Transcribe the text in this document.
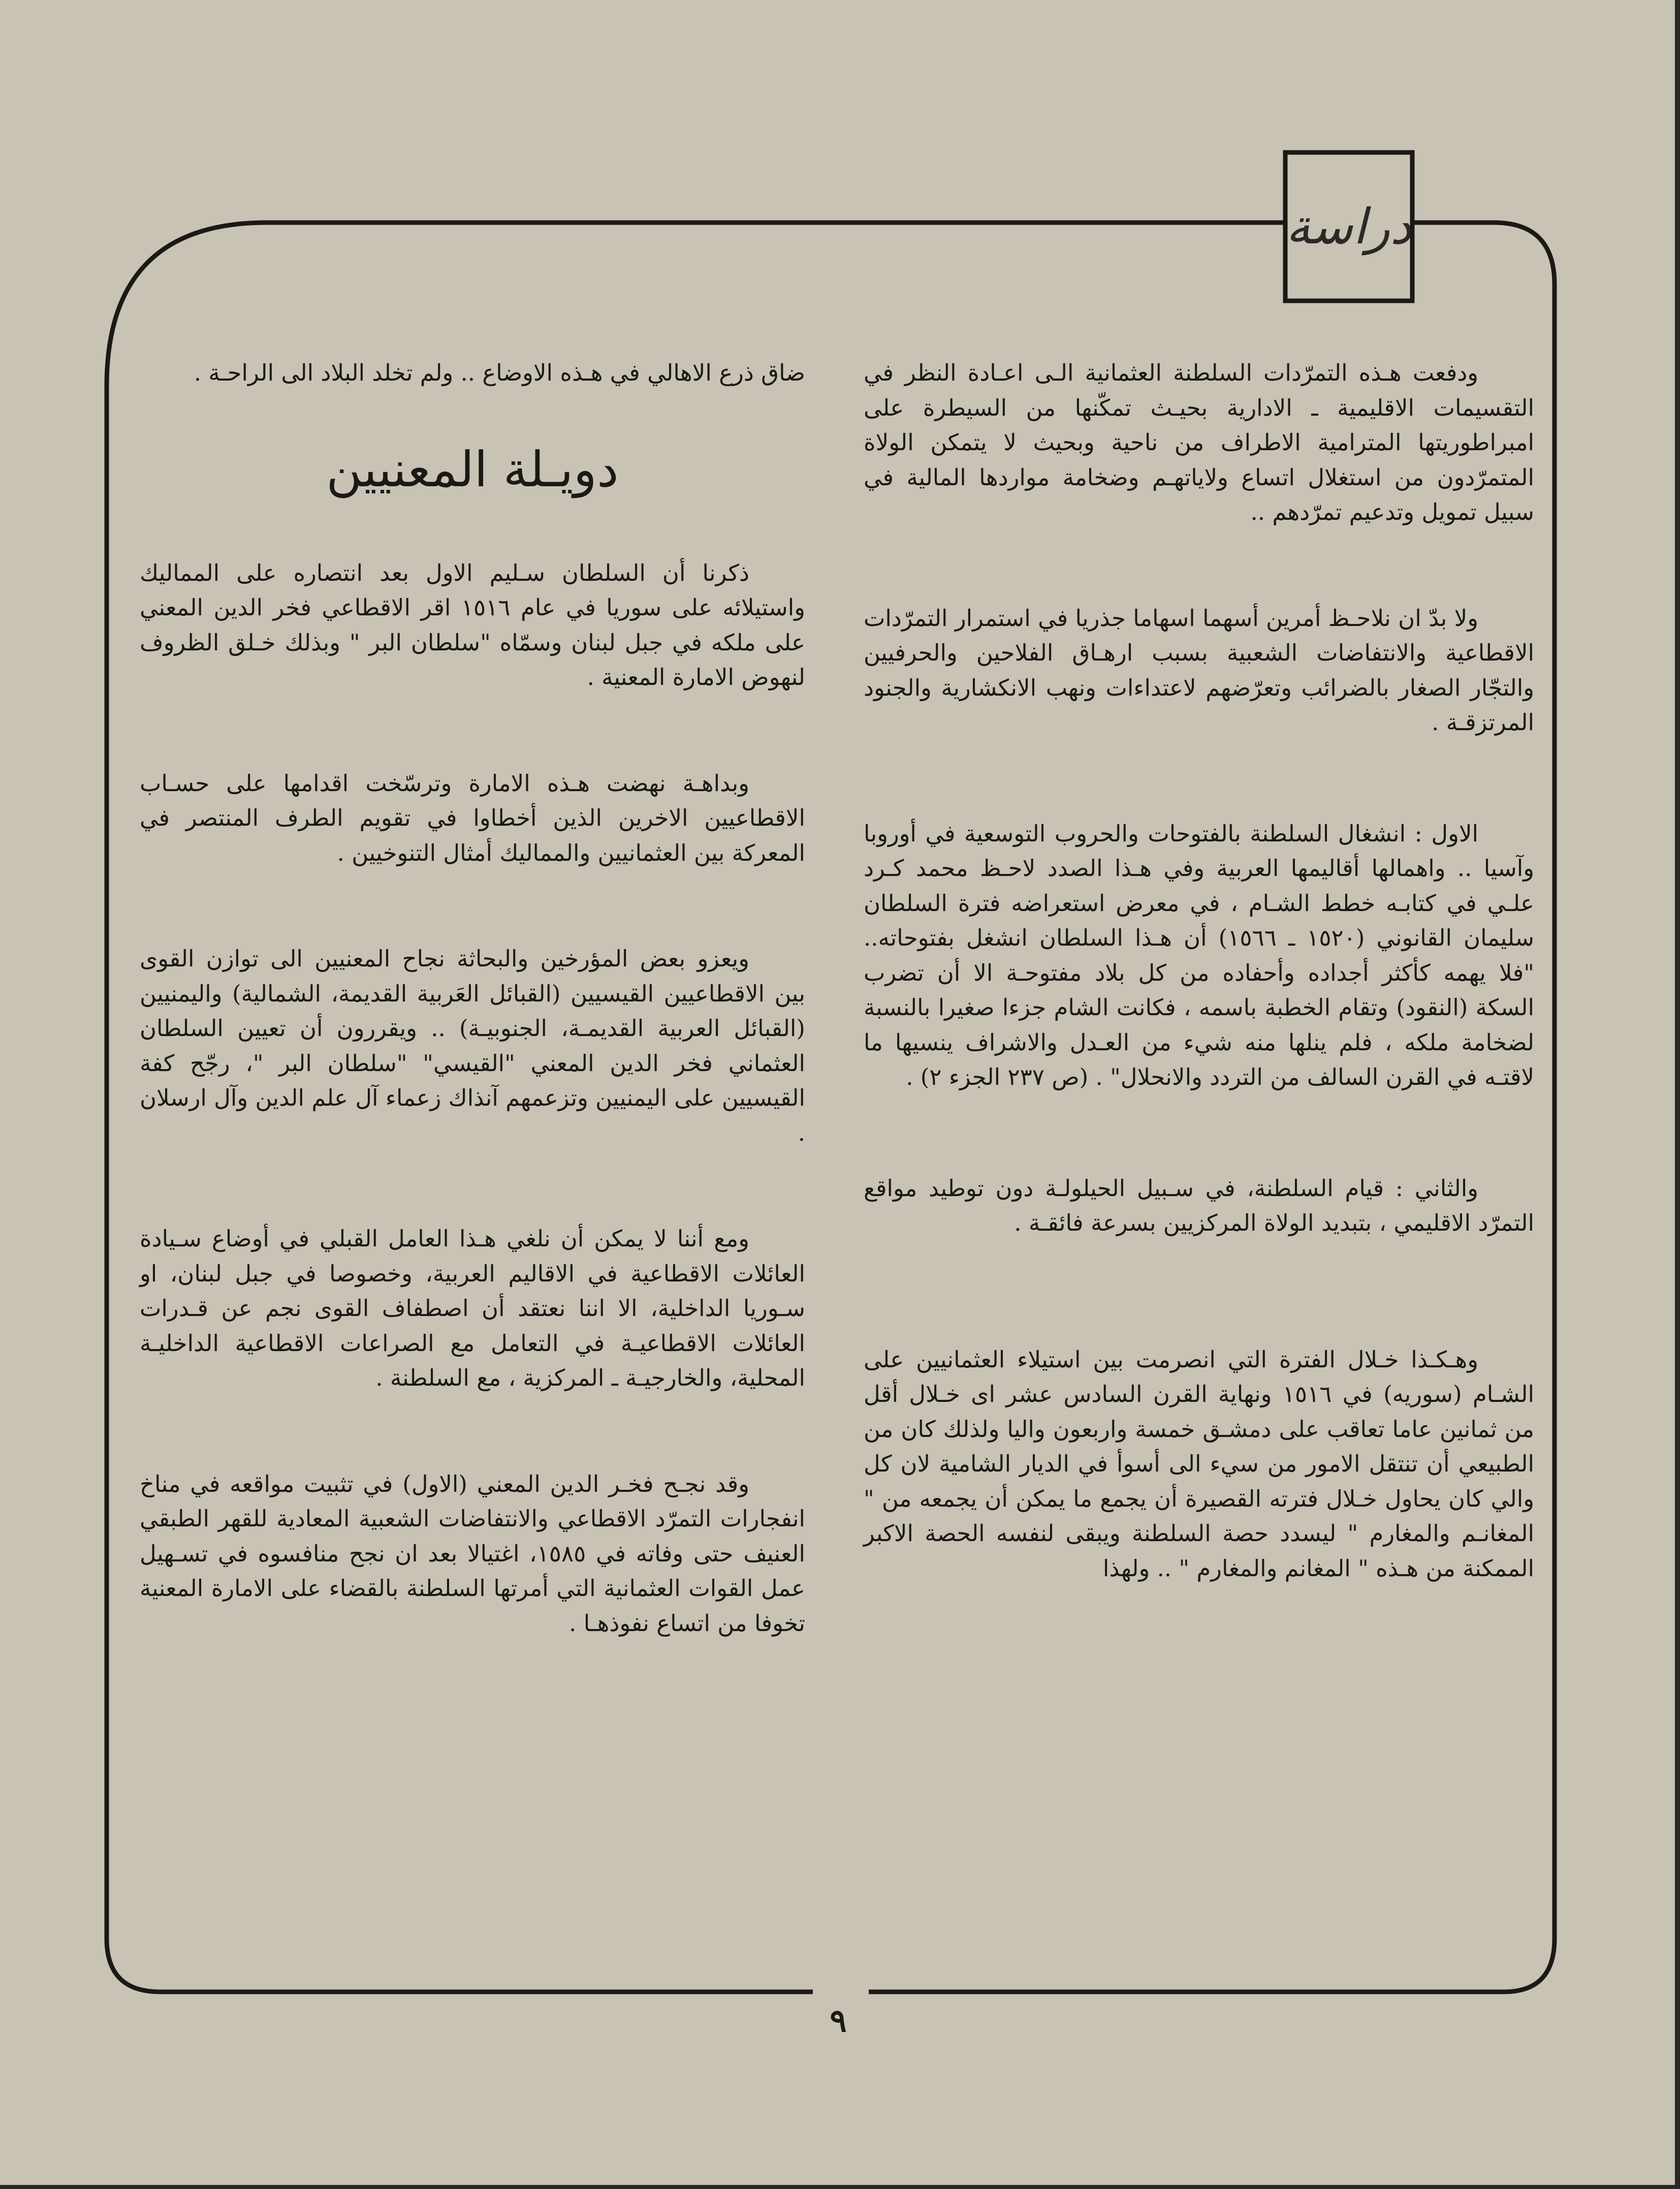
دراسة

ودفعت هـذه التمرّدات السلطنة العثمانية الـى اعـادة النظر في التقسيمات الاقليمية ـ الادارية بحيـث تمكّنها من السيطرة على امبراطوريتها المترامية الاطراف من ناحية وبحيث لا يتمكن الولاة المتمرّدون من استغلال اتساع ولاياتهـم وضخامة مواردها المالية في سبيل تمويل وتدعيم تمرّدهم ..

ولا بدّ ان نلاحـظ أمرين أسهما اسهاما جذريا في استمرار التمرّدات الاقطاعية والانتفاضات الشعبية بسبب ارهـاق الفلاحين والحرفيين والتجّار الصغار بالضرائب وتعرّضهم لاعتداءات ونهب الانكشارية والجنود المرتزقـة .

الاول : انشغال السلطنة بالفتوحات والحروب التوسعية في أوروبا وآسيا .. واهمالها أقاليمها العربية وفي هـذا الصدد لاحـظ محمد كـرد علـي في كتابـه خطط الشـام ، في معرض استعراضه فترة السلطان سليمان القانوني (١٥٢٠ ـ ١٥٦٦) أن هـذا السلطان انشغل بفتوحاته.. "فلا يهمه كأكثر أجداده وأحفاده من كل بلاد مفتوحـة الا أن تضرب السكة (النقود) وتقام الخطبة باسمه ، فكانت الشام جزءا صغيرا بالنسبة لضخامة ملكه ، فلم ينلها منه شيء من العـدل والاشراف ينسيها ما لاقتـه في القرن السالف من التردد والانحلال" . (ص ٢٣٧ الجزء ٢) .

والثاني : قيام السلطنة، في سـبيل الحيلولـة دون توطيد مواقع التمرّد الاقليمي ، بتبديد الولاة المركزيين بسرعة فائقـة .

وهـكـذا خـلال الفترة التي انصرمت بين استيلاء العثمانيين على الشـام (سوريه) في ١٥١٦ ونهاية القرن السادس عشر اى خـلال أقل من ثمانين عاما تعاقب على دمشـق خمسة واربعون واليا ولذلك كان من الطبيعي أن تنتقل الامور من سيء الى أسوأ في الديار الشامية لان كل والي كان يحاول خـلال فترته القصيرة أن يجمع ما يمكن أن يجمعه من " المغانـم والمغارم " ليسدد حصة السلطنة ويبقى لنفسه الحصة الاكبر الممكنة من هـذه " المغانم والمغارم " .. ولهذا

ضاق ذرع الاهالي في هـذه الاوضاع .. ولم تخلد البلاد الى الراحـة .

دويـلة المعنيين

ذكرنا أن السلطان سـليم الاول بعد انتصاره على المماليك واستيلائه على سوريا في عام ١٥١٦ اقر الاقطاعي فخر الدين المعني على ملكه في جبل لبنان وسمّاه "سلطان البر " وبذلك خـلق الظروف لنهوض الامارة المعنية .

وبداهـة نهضت هـذه الامارة وترسّخت اقدامها على حسـاب الاقطاعيين الاخرين الذين أخطاوا في تقويم الطرف المنتصر في المعركة بين العثمانيين والمماليك أمثال التنوخيين .

ويعزو بعض المؤرخين والبحاثة نجاح المعنيين الى توازن القوى بين الاقطاعيين القيسيين (القبائل العَربية القديمة، الشمالية) واليمنيين (القبائل العربية القديمـة، الجنوبيـة) .. ويقررون أن تعيين السلطان العثماني فخر الدين المعني "القيسي" "سلطان البر "، رجّح كفة القيسيين على اليمنيين وتزعمهم آنذاك زعماء آل علم الدين وآل ارسلان .

ومع أننا لا يمكن أن نلغي هـذا العامل القبلي في أوضاع سـيادة العائلات الاقطاعية في الاقاليم العربية، وخصوصا في جبل لبنان، او سـوريا الداخلية، الا اننا نعتقد أن اصطفاف القوى نجم عن قـدرات العائلات الاقطاعيـة في التعامل مع الصراعات الاقطاعية الداخليـة المحلية، والخارجيـة ـ المركزية ، مع السلطنة .

وقد نجـح فخـر الدين المعني (الاول) في تثبيت مواقعه في مناخ انفجارات التمرّد الاقطاعي والانتفاضات الشعبية المعادية للقهر الطبقي العنيف حتى وفاته في ١٥٨٥، اغتيالا بعد ان نجح منافسوه في تسـهيل عمل القوات العثمانية التي أمرتها السلطنة بالقضاء على الامارة المعنية تخوفا من اتساع نفوذهـا .

٩
